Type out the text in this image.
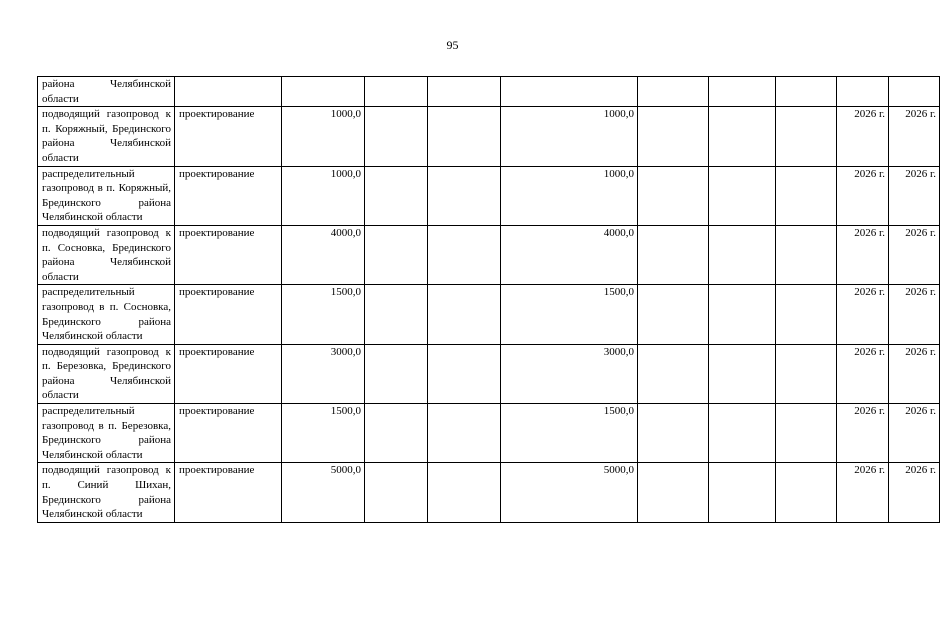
95
района Челябинской области										
подводящий газопровод к п. Коряжный, Брединского района Челябинской области	проектирование	1000,0			1000,0				2026 г.	2026 г.
распределительный газопровод в п. Коряжный, Брединского района Челябинской области	проектирование	1000,0			1000,0				2026 г.	2026 г.
подводящий газопровод к п. Сосновка, Брединского района Челябинской области	проектирование	4000,0			4000,0				2026 г.	2026 г.
распределительный газопровод в п. Сосновка, Брединского района Челябинской области	проектирование	1500,0			1500,0				2026 г.	2026 г.
подводящий газопровод к п. Березовка, Брединского района Челябинской области	проектирование	3000,0			3000,0				2026 г.	2026 г.
распределительный газопровод в п. Березовка, Брединского района Челябинской области	проектирование	1500,0			1500,0				2026 г.	2026 г.
подводящий газопровод к п. Синий Шихан, Брединского района Челябинской области	проектирование	5000,0			5000,0				2026 г.	2026 г.
